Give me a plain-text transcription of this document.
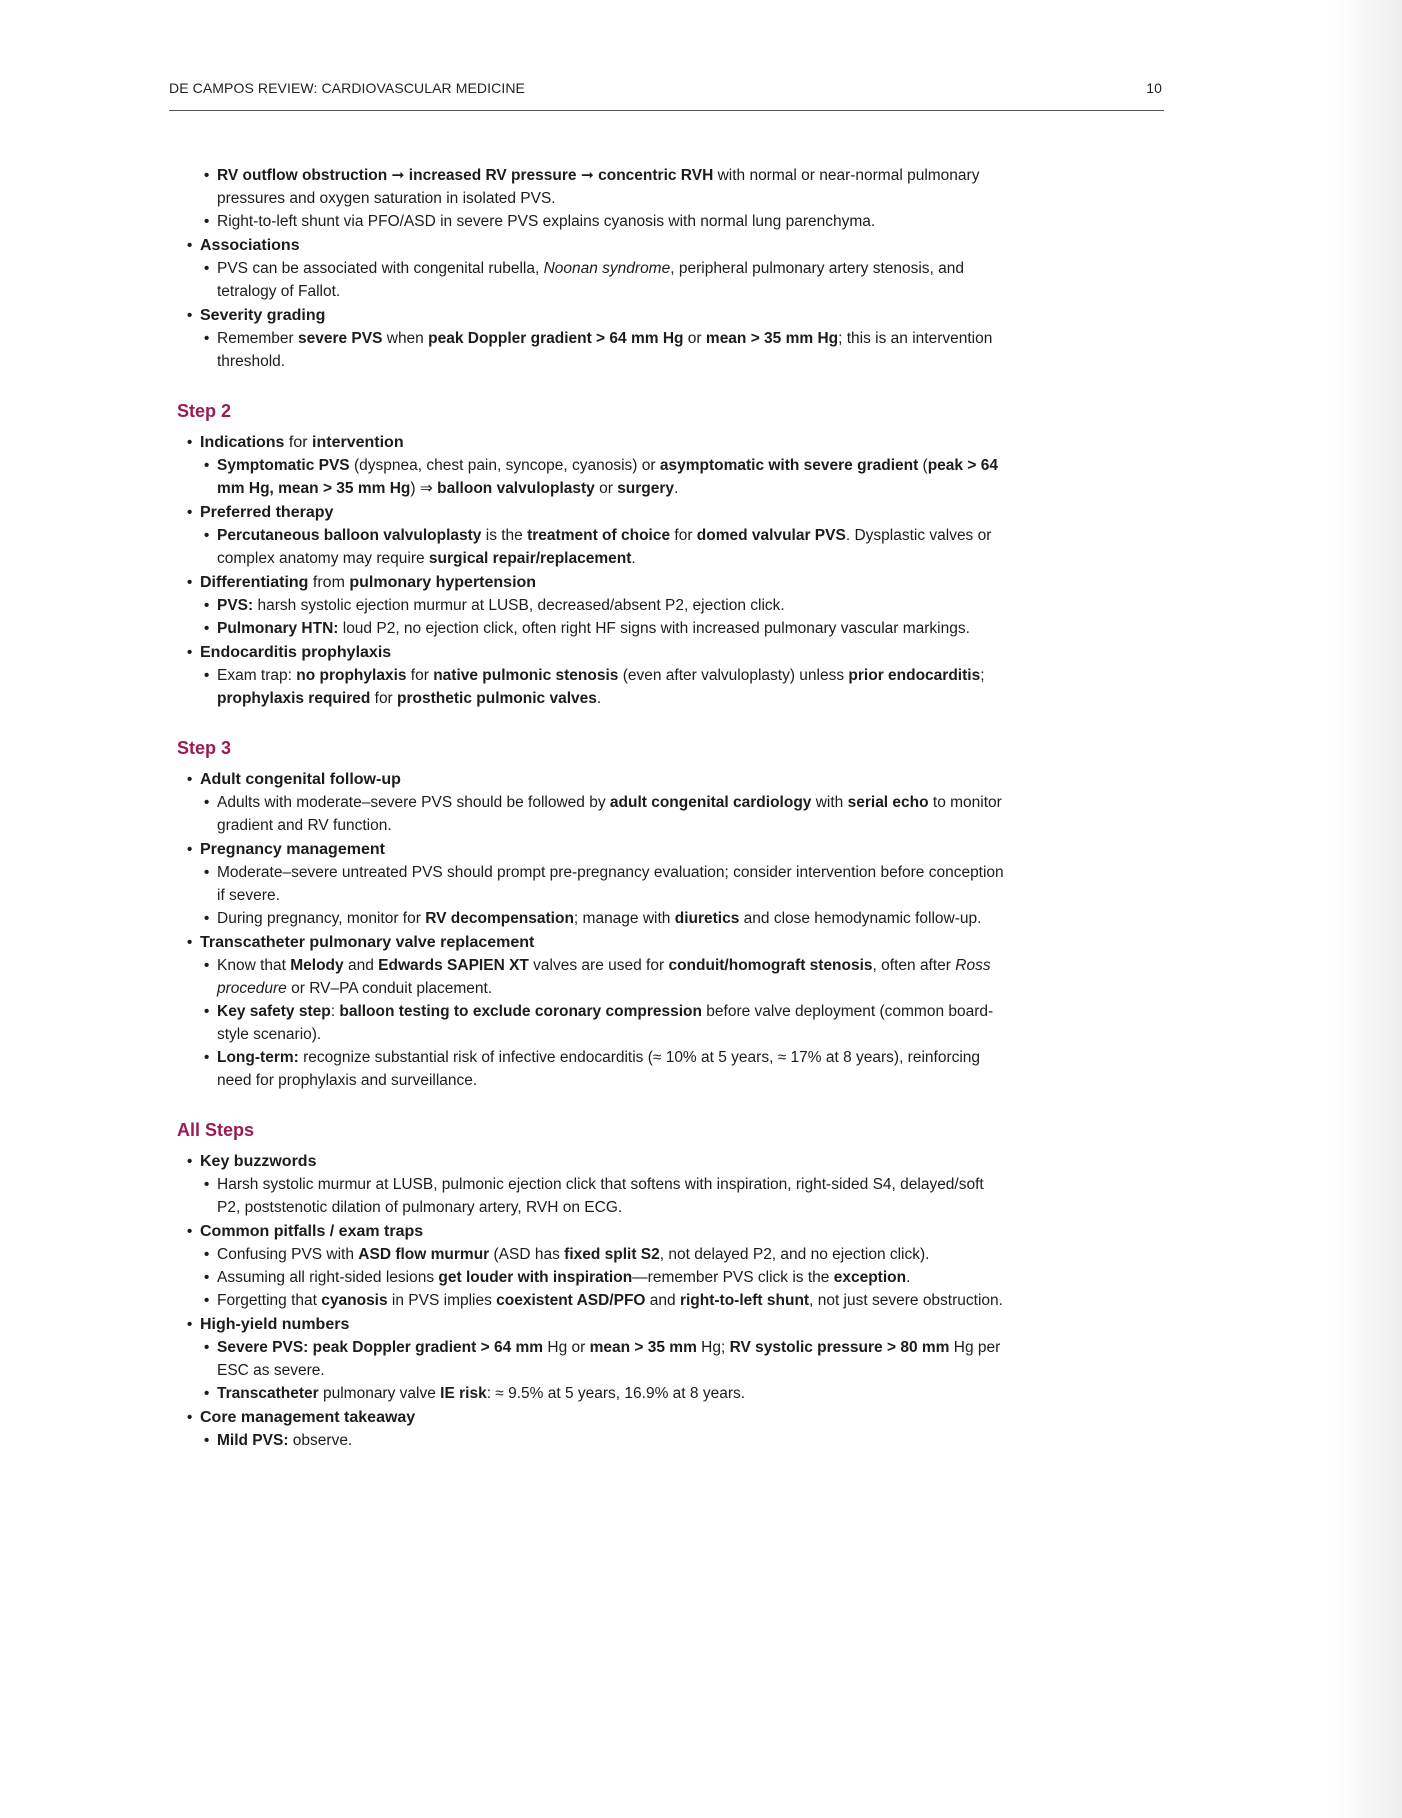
DE CAMPOS REVIEW: CARDIOVASCULAR MEDICINE	10
• RV outflow obstruction ➞ increased RV pressure ➞ concentric RVH with normal or near-normal pulmonary pressures and oxygen saturation in isolated PVS.
• Right-to-left shunt via PFO/ASD in severe PVS explains cyanosis with normal lung parenchyma.
• Associations
• PVS can be associated with congenital rubella, Noonan syndrome, peripheral pulmonary artery stenosis, and tetralogy of Fallot.
• Severity grading
• Remember severe PVS when peak Doppler gradient > 64 mm Hg or mean > 35 mm Hg; this is an intervention threshold.
Step 2
• Indications for intervention
• Symptomatic PVS (dyspnea, chest pain, syncope, cyanosis) or asymptomatic with severe gradient (peak > 64 mm Hg, mean > 35 mm Hg) ⇒ balloon valvuloplasty or surgery.
• Preferred therapy
• Percutaneous balloon valvuloplasty is the treatment of choice for domed valvular PVS. Dysplastic valves or complex anatomy may require surgical repair/replacement.
• Differentiating from pulmonary hypertension
• PVS: harsh systolic ejection murmur at LUSB, decreased/absent P2, ejection click.
• Pulmonary HTN: loud P2, no ejection click, often right HF signs with increased pulmonary vascular markings.
• Endocarditis prophylaxis
• Exam trap: no prophylaxis for native pulmonic stenosis (even after valvuloplasty) unless prior endocarditis; prophylaxis required for prosthetic pulmonic valves.
Step 3
• Adult congenital follow-up
• Adults with moderate–severe PVS should be followed by adult congenital cardiology with serial echo to monitor gradient and RV function.
• Pregnancy management
• Moderate–severe untreated PVS should prompt pre-pregnancy evaluation; consider intervention before conception if severe.
• During pregnancy, monitor for RV decompensation; manage with diuretics and close hemodynamic follow-up.
• Transcatheter pulmonary valve replacement
• Know that Melody and Edwards SAPIEN XT valves are used for conduit/homograft stenosis, often after Ross procedure or RV–PA conduit placement.
• Key safety step: balloon testing to exclude coronary compression before valve deployment (common board-style scenario).
• Long-term: recognize substantial risk of infective endocarditis (≈ 10% at 5 years, ≈ 17% at 8 years), reinforcing need for prophylaxis and surveillance.
All Steps
• Key buzzwords
• Harsh systolic murmur at LUSB, pulmonic ejection click that softens with inspiration, right-sided S4, delayed/soft P2, poststenotic dilation of pulmonary artery, RVH on ECG.
• Common pitfalls / exam traps
• Confusing PVS with ASD flow murmur (ASD has fixed split S2, not delayed P2, and no ejection click).
• Assuming all right-sided lesions get louder with inspiration—remember PVS click is the exception.
• Forgetting that cyanosis in PVS implies coexistent ASD/PFO and right-to-left shunt, not just severe obstruction.
• High-yield numbers
• Severe PVS: peak Doppler gradient > 64 mm Hg or mean > 35 mm Hg; RV systolic pressure > 80 mm Hg per ESC as severe.
• Transcatheter pulmonary valve IE risk: ≈ 9.5% at 5 years, 16.9% at 8 years.
• Core management takeaway
• Mild PVS: observe.
